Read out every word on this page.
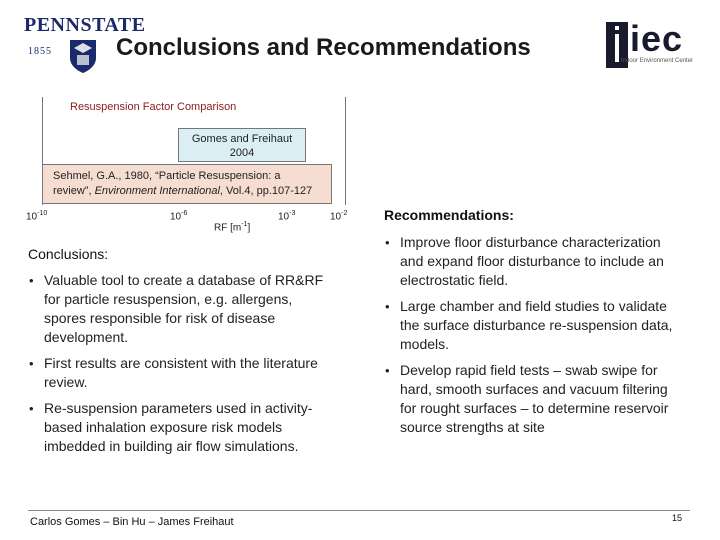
PENNSTATE
1855	Conclusions and Recommendations	iec
Indoor Environment Center
Resuspension Factor Comparison
Gomes and Freihaut
2004
Sehmel, G.A., 1980, “Particle Resuspension: a
review”, Environment International, Vol.4, pp.107-127
$10^{-10}$	$10^{-6}$	$10^{-3}$	$10^{-2}$
RF $[m^{-1}]$
Conclusions:
• Valuable tool to create a database of RR&RF for particle resuspension, e.g. allergens, spores responsible for risk of disease development.
• First results are consistent with the literature review.
• Re-suspension parameters used in activity-based inhalation exposure risk models imbedded in building air flow simulations.
Recommendations:
• Improve floor disturbance characterization and expand floor disturbance to include an electrostatic field.
• Large chamber and field studies to validate the surface disturbance re-suspension data, models.
• Develop rapid field tests – swab swipe for hard, smooth surfaces and vacuum filtering for rought surfaces – to determine reservoir source strengths at site
Carlos Gomes – Bin Hu – James Freihaut	15
